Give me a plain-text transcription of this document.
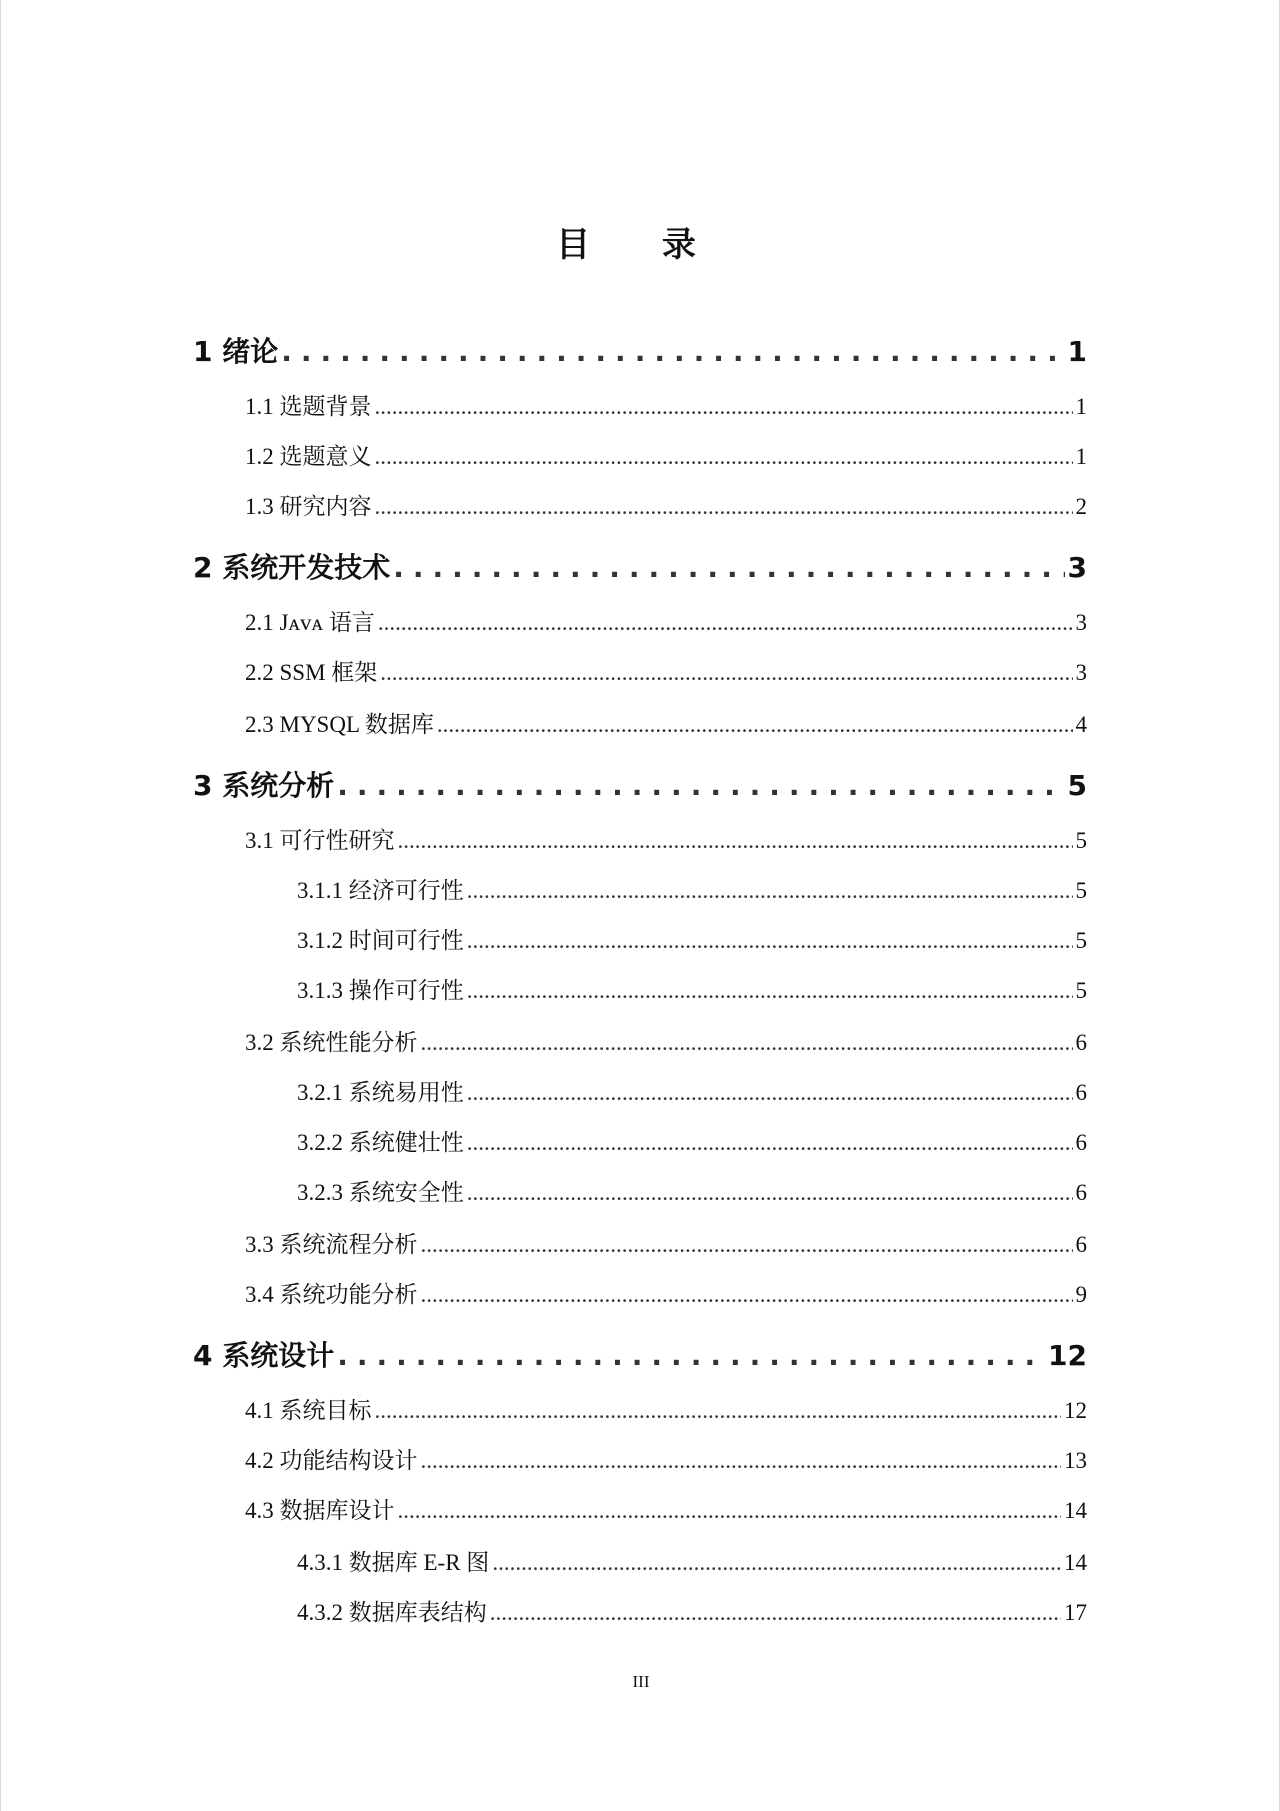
目 录
1 绪论 .....	1
1.1 选题背景 .....	1
1.2 选题意义 .....	1
1.3 研究内容 .....	2
2 系统开发技术 .....	3
2.1 Jᴀᴠᴀ 语言 .....	3
2.2 SSM 框架 .....	3
2.3 MYSQL 数据库 .....	4
3 系统分析 .....	5
3.1 可行性研究 .....	5
3.1.1 经济可行性 .....	5
3.1.2 时间可行性 .....	5
3.1.3 操作可行性 .....	5
3.2 系统性能分析 .....	6
3.2.1 系统易用性 .....	6
3.2.2 系统健壮性 .....	6
3.2.3 系统安全性 .....	6
3.3 系统流程分析 .....	6
3.4 系统功能分析 .....	9
4 系统设计 .....	12
4.1 系统目标 .....	12
4.2 功能结构设计 .....	13
4.3 数据库设计 .....	14
4.3.1 数据库 E-R 图 .....	14
4.3.2 数据库表结构 .....	17
III
